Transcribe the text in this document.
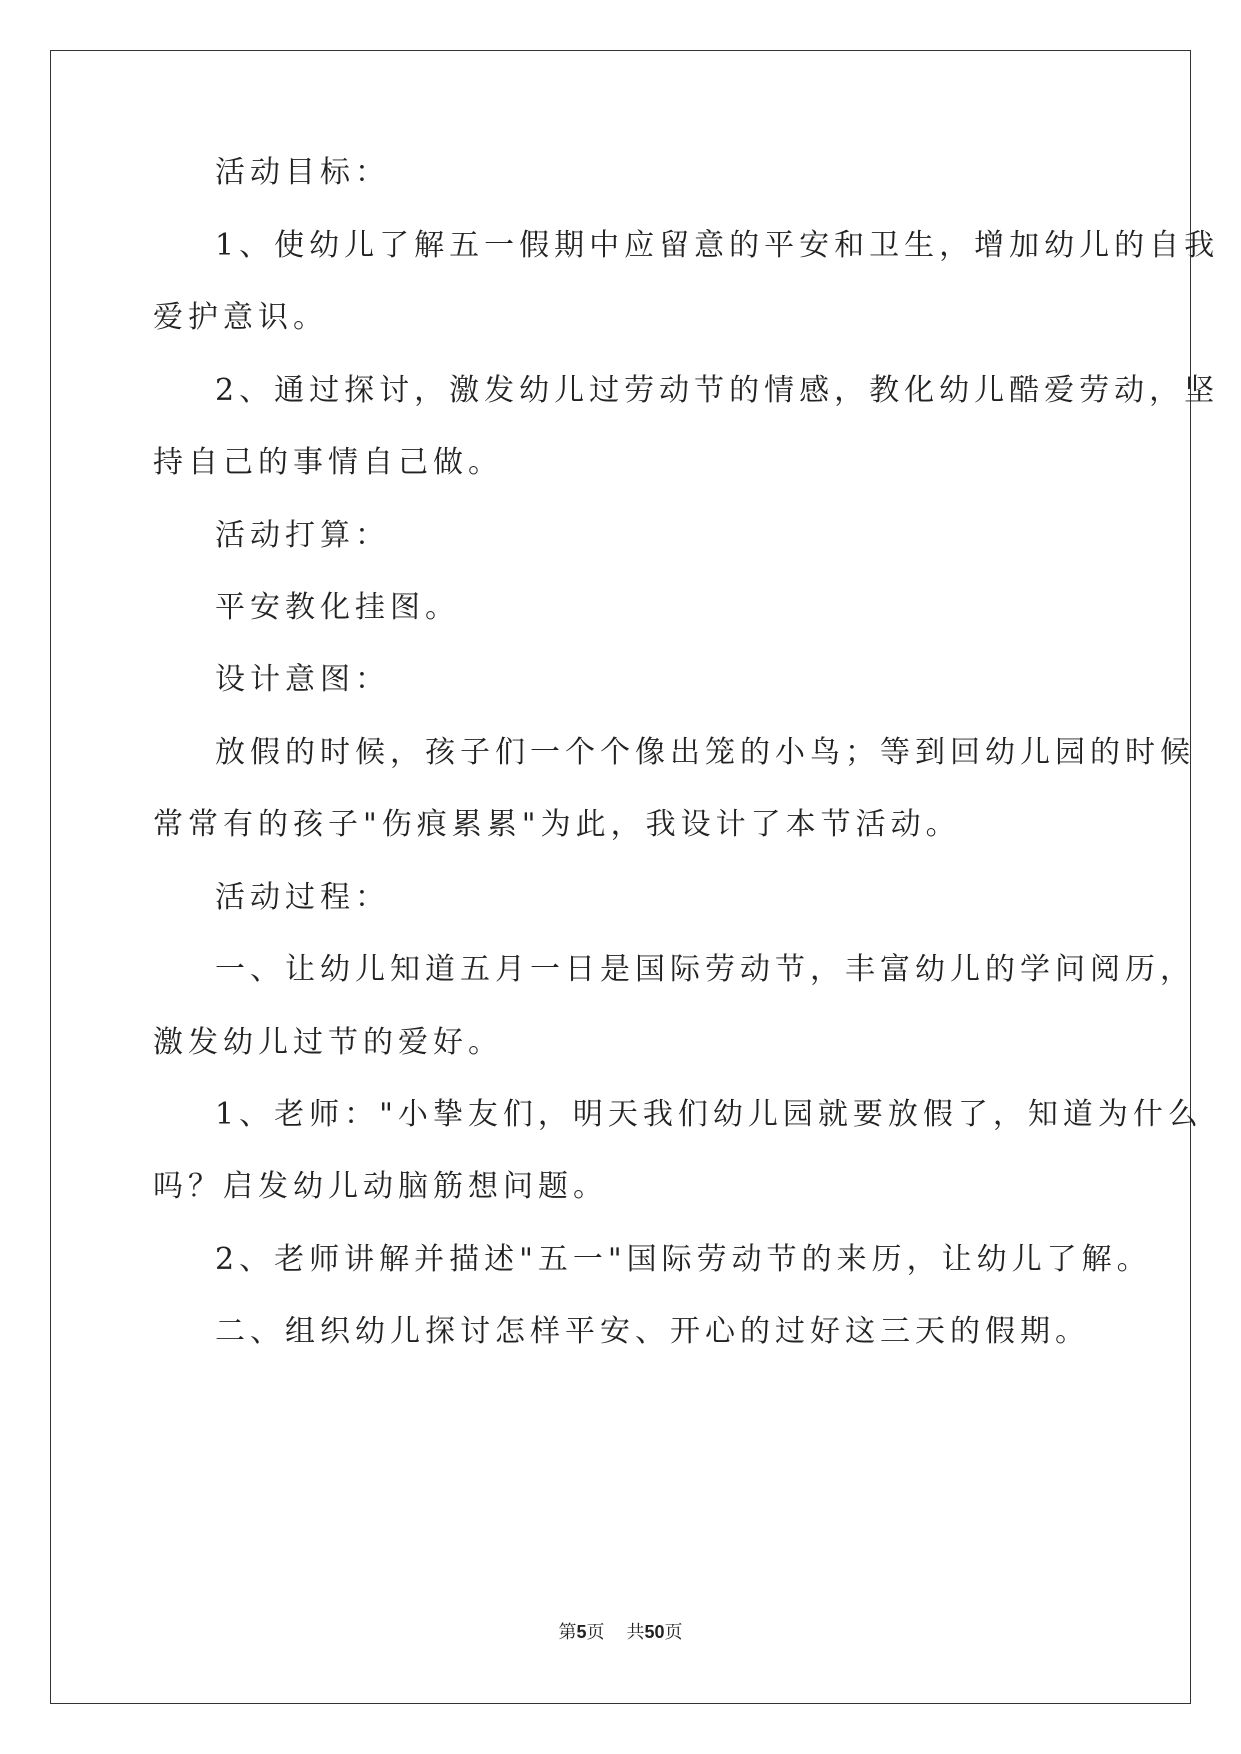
活动目标：
1、使幼儿了解五一假期中应留意的平安和卫生，增加幼儿的自我
爱护意识。
2、通过探讨，激发幼儿过劳动节的情感，教化幼儿酷爱劳动，坚
持自己的事情自己做。
活动打算：
平安教化挂图。
设计意图：
放假的时候，孩子们一个个像出笼的小鸟；等到回幼儿园的时候
常常有的孩子"伤痕累累"为此，我设计了本节活动。
活动过程：
一、让幼儿知道五月一日是国际劳动节，丰富幼儿的学问阅历，
激发幼儿过节的爱好。
1、老师："小挚友们，明天我们幼儿园就要放假了，知道为什么
吗？启发幼儿动脑筋想问题。
2、老师讲解并描述"五一"国际劳动节的来历，让幼儿了解。
二、组织幼儿探讨怎样平安、开心的过好这三天的假期。
第5页 共50页
